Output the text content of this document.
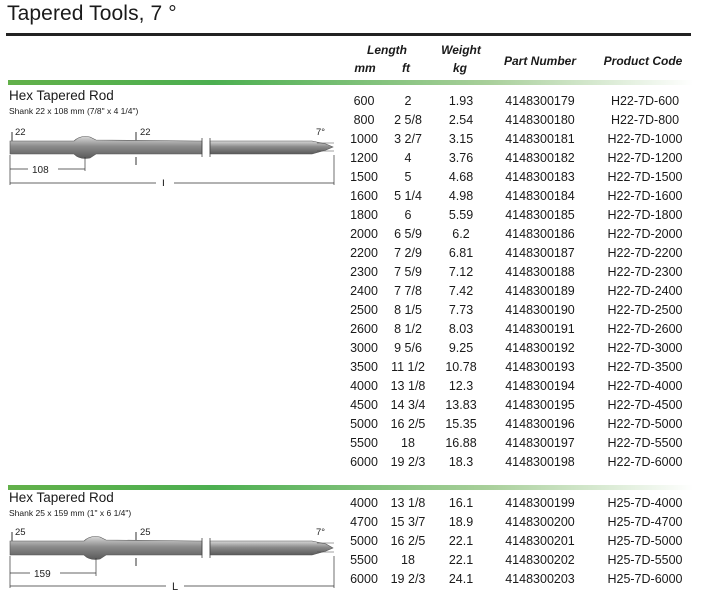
Tapered Tools, 7 °
Length
mm	ft
Weight
kg	Part Number	Product Code
Hex Tapered Rod
Shank 22 x 108 mm (7/8" x 4 1/4")
22	22	7°
108
L
600	2	1.93	4148300179	H22-7D-600
800	2 5/8	2.54	4148300180	H22-7D-800
1000	3 2/7	3.15	4148300181	H22-7D-1000
1200	4	3.76	4148300182	H22-7D-1200
1500	5	4.68	4148300183	H22-7D-1500
1600	5 1/4	4.98	4148300184	H22-7D-1600
1800	6	5.59	4148300185	H22-7D-1800
2000	6 5/9	6.2	4148300186	H22-7D-2000
2200	7 2/9	6.81	4148300187	H22-7D-2200
2300	7 5/9	7.12	4148300188	H22-7D-2300
2400	7 7/8	7.42	4148300189	H22-7D-2400
2500	8 1/5	7.73	4148300190	H22-7D-2500
2600	8 1/2	8.03	4148300191	H22-7D-2600
3000	9 5/6	9.25	4148300192	H22-7D-3000
3500	11 1/2	10.78	4148300193	H22-7D-3500
4000	13 1/8	12.3	4148300194	H22-7D-4000
4500	14 3/4	13.83	4148300195	H22-7D-4500
5000	16 2/5	15.35	4148300196	H22-7D-5000
5500	18	16.88	4148300197	H22-7D-5500
6000	19 2/3	18.3	4148300198	H22-7D-6000
Hex Tapered Rod
Shank 25 x 159 mm (1" x 6 1/4")
25	25	7°
159
L
4000	13 1/8	16.1	4148300199	H25-7D-4000
4700	15 3/7	18.9	4148300200	H25-7D-4700
5000	16 2/5	22.1	4148300201	H25-7D-5000
5500	18	22.1	4148300202	H25-7D-5500
6000	19 2/3	24.1	4148300203	H25-7D-6000
